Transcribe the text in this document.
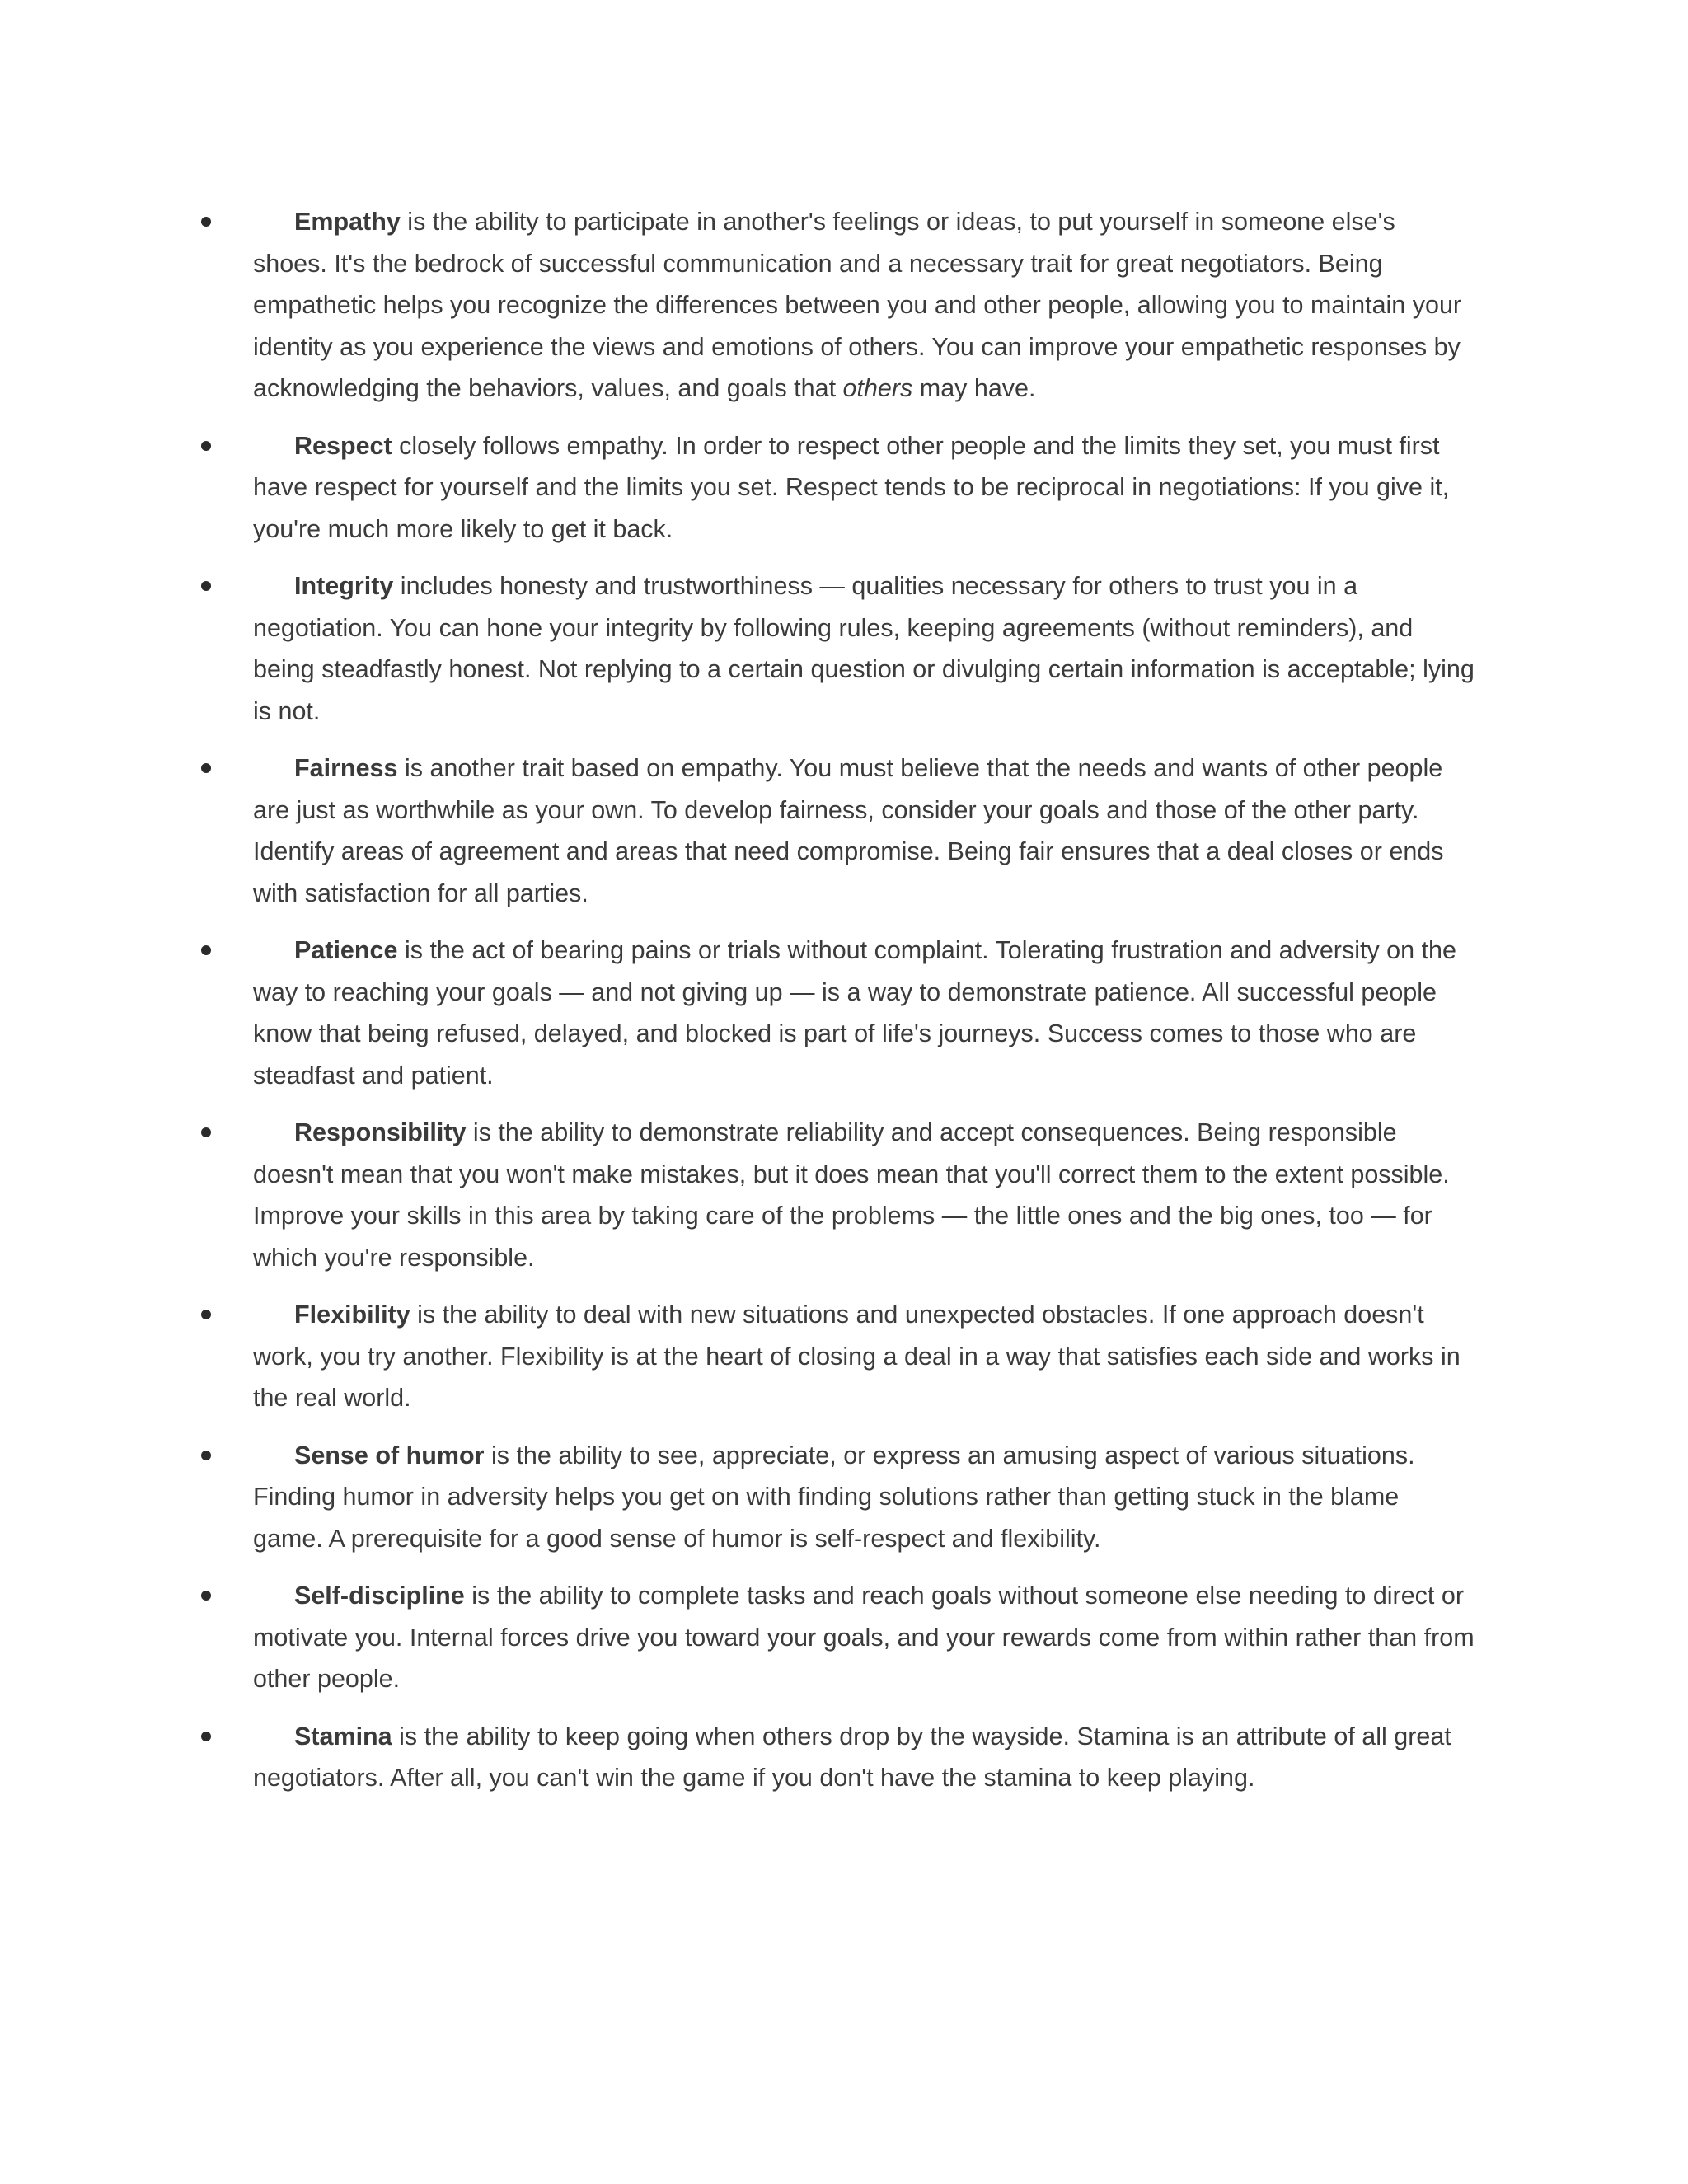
Empathy is the ability to participate in another's feelings or ideas, to put yourself in someone else's shoes. It's the bedrock of successful communication and a necessary trait for great negotiators. Being empathetic helps you recognize the differences between you and other people, allowing you to maintain your identity as you experience the views and emotions of others. You can improve your empathetic responses by acknowledging the behaviors, values, and goals that others may have.
Respect closely follows empathy. In order to respect other people and the limits they set, you must first have respect for yourself and the limits you set. Respect tends to be reciprocal in negotiations: If you give it, you're much more likely to get it back.
Integrity includes honesty and trustworthiness — qualities necessary for others to trust you in a negotiation. You can hone your integrity by following rules, keeping agreements (without reminders), and being steadfastly honest. Not replying to a certain question or divulging certain information is acceptable; lying is not.
Fairness is another trait based on empathy. You must believe that the needs and wants of other people are just as worthwhile as your own. To develop fairness, consider your goals and those of the other party. Identify areas of agreement and areas that need compromise. Being fair ensures that a deal closes or ends with satisfaction for all parties.
Patience is the act of bearing pains or trials without complaint. Tolerating frustration and adversity on the way to reaching your goals — and not giving up — is a way to demonstrate patience. All successful people know that being refused, delayed, and blocked is part of life's journeys. Success comes to those who are steadfast and patient.
Responsibility is the ability to demonstrate reliability and accept consequences. Being responsible doesn't mean that you won't make mistakes, but it does mean that you'll correct them to the extent possible. Improve your skills in this area by taking care of the problems — the little ones and the big ones, too — for which you're responsible.
Flexibility is the ability to deal with new situations and unexpected obstacles. If one approach doesn't work, you try another. Flexibility is at the heart of closing a deal in a way that satisfies each side and works in the real world.
Sense of humor is the ability to see, appreciate, or express an amusing aspect of various situations. Finding humor in adversity helps you get on with finding solutions rather than getting stuck in the blame game. A prerequisite for a good sense of humor is self-respect and flexibility.
Self-discipline is the ability to complete tasks and reach goals without someone else needing to direct or motivate you. Internal forces drive you toward your goals, and your rewards come from within rather than from other people.
Stamina is the ability to keep going when others drop by the wayside. Stamina is an attribute of all great negotiators. After all, you can't win the game if you don't have the stamina to keep playing.
